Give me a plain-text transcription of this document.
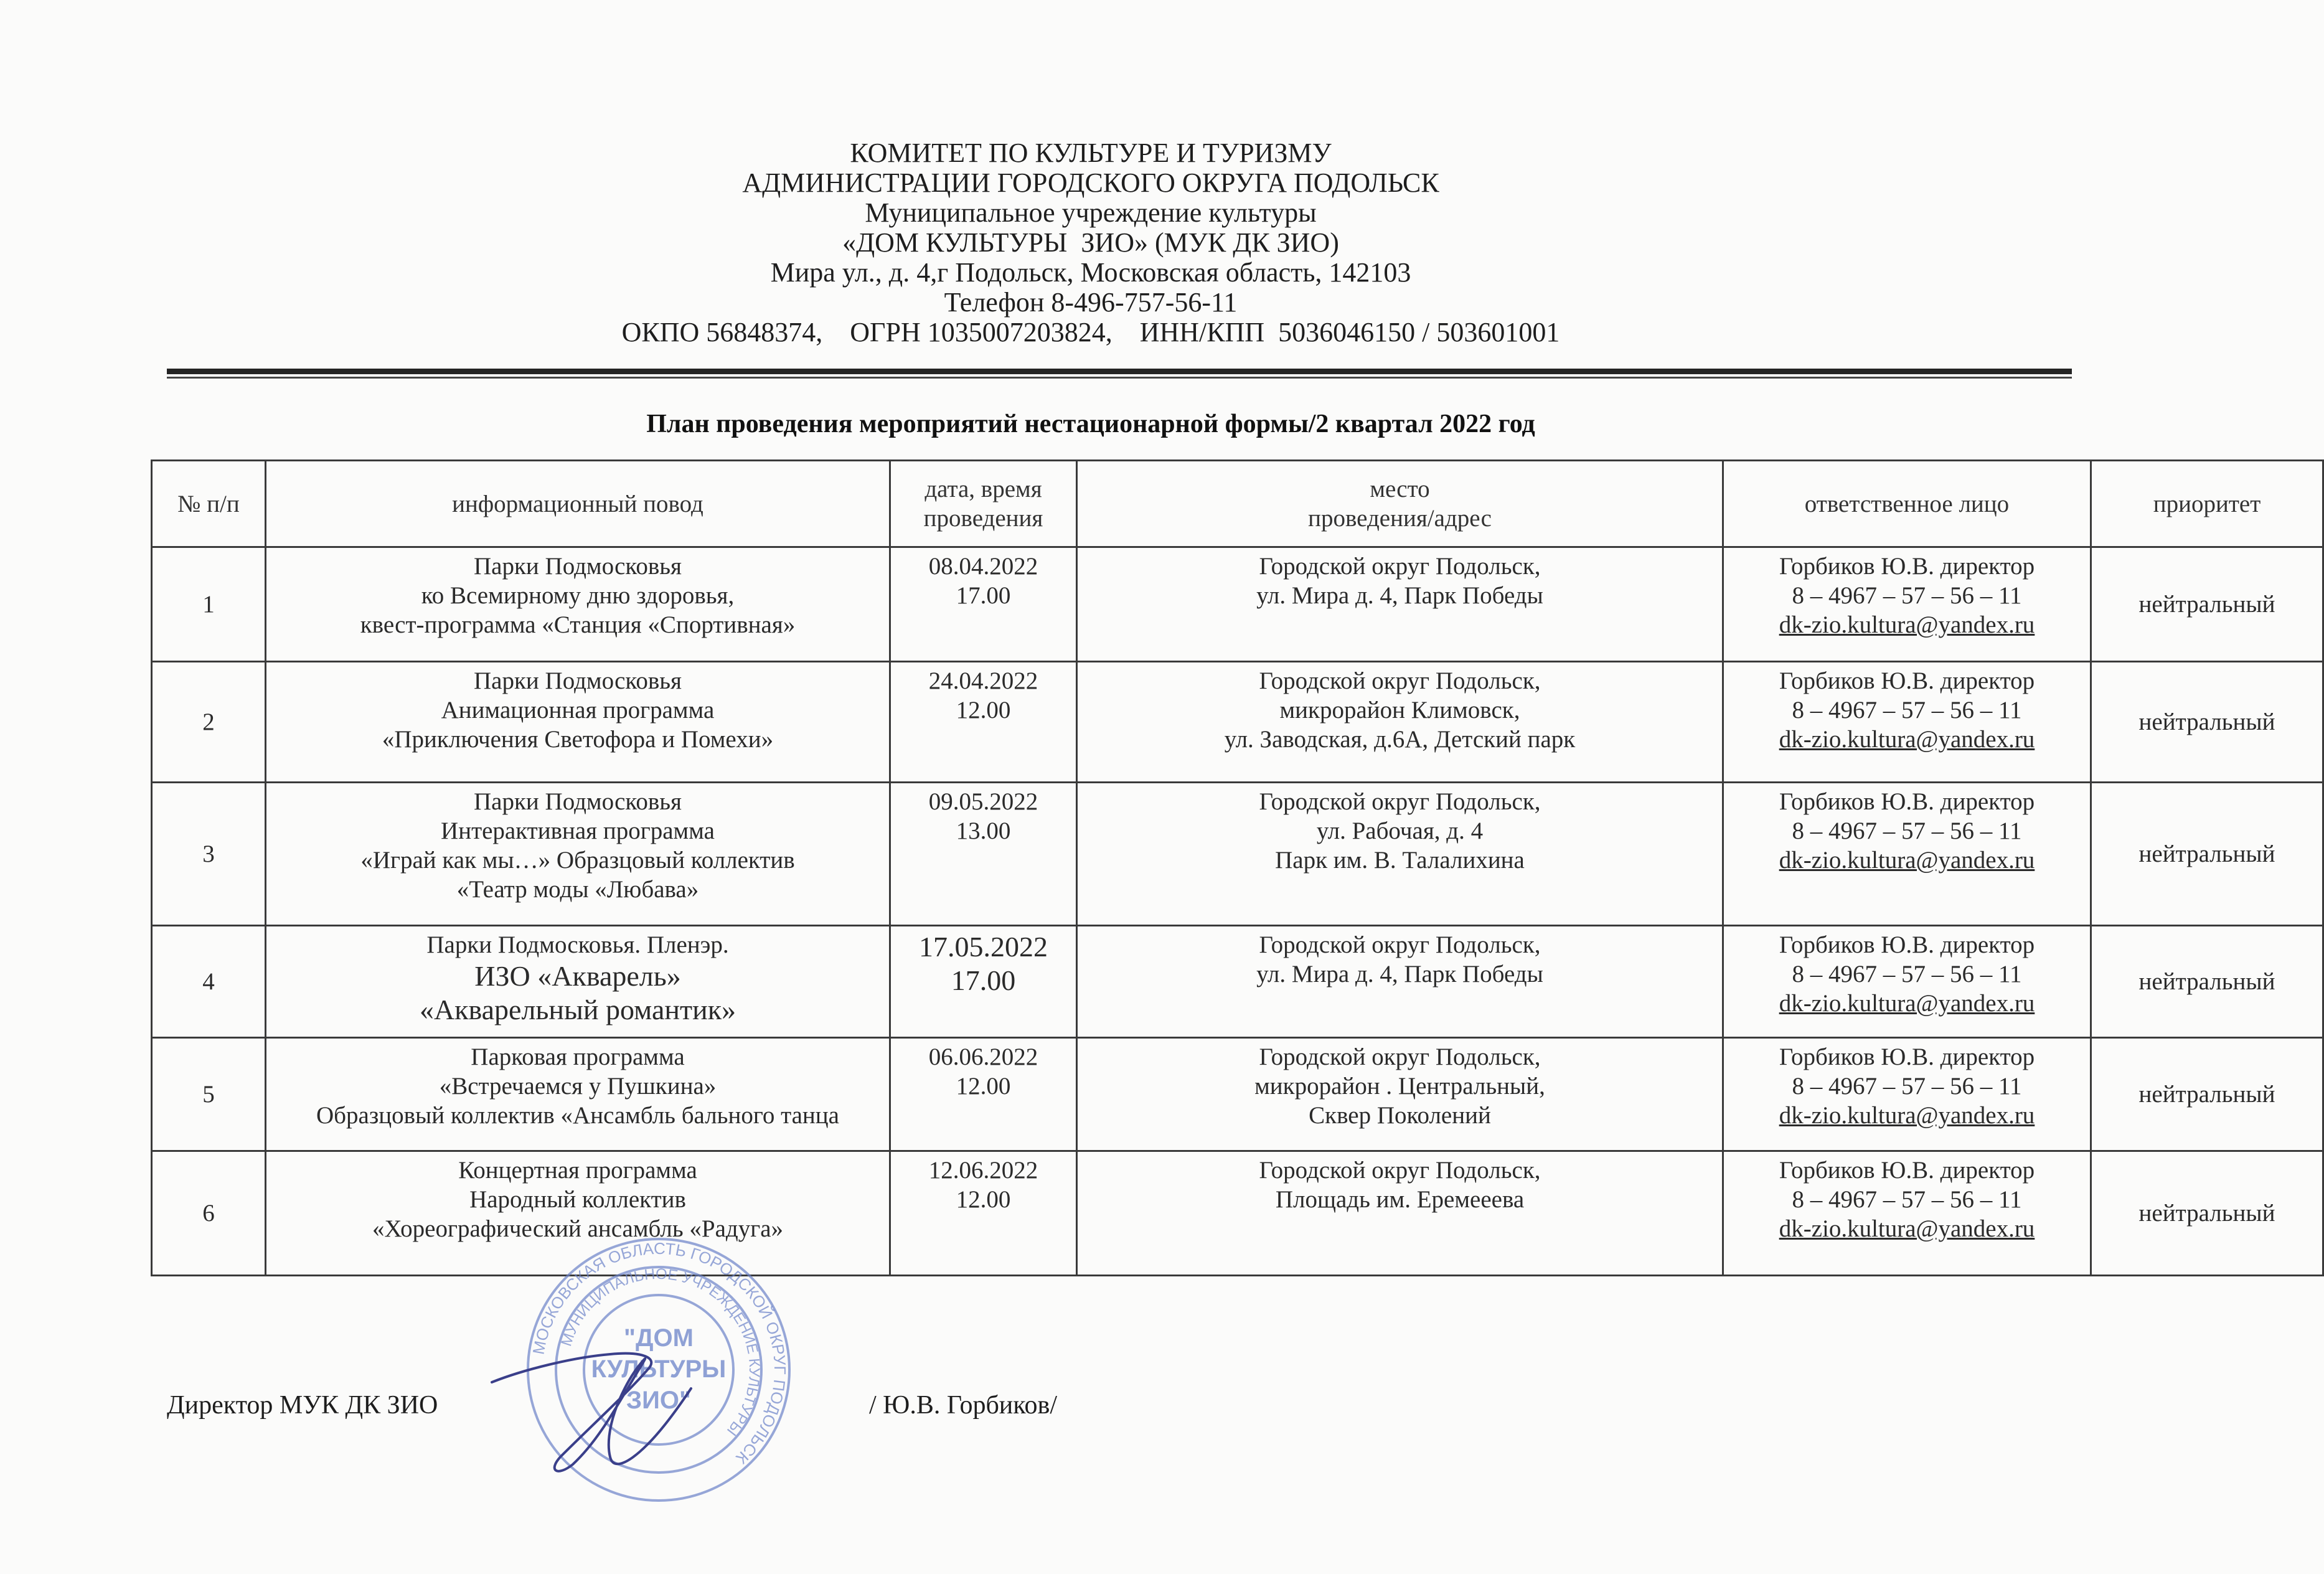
КОМИТЕТ ПО КУЛЬТУРЕ И ТУРИЗМУ
АДМИНИСТРАЦИИ ГОРОДСКОГО ОКРУГА ПОДОЛЬСК
Муниципальное учреждение культуры
«ДОМ КУЛЬТУРЫ  ЗИО» (МУК ДК ЗИО)
Мира ул., д. 4,г Подольск, Московская область, 142103
Телефон 8-496-757-56-11
ОКПО 56848374,    ОГРН 1035007203824,    ИНН/КПП  5036046150 / 503601001
План проведения мероприятий нестационарной формы/2 квартал 2022 год
№ п/п	информационный повод	дата, время
проведения	место
проведения/адрес	ответственное лицо	приоритет
1	Парки Подмосковья
ко Всемирному дню здоровья,
квест-программа «Станция «Спортивная»	08.04.2022
17.00	Городской округ Подольск,
ул. Мира д. 4, Парк Победы	Горбиков Ю.В. директор
8 – 4967 – 57 – 56 – 11
dk-zio.kultura@yandex.ru	нейтральный
2	Парки Подмосковья
Анимационная программа
«Приключения Светофора и Помехи»	24.04.2022
12.00	Городской округ Подольск,
микрорайон Климовск,
ул. Заводская, д.6А, Детский парк	Горбиков Ю.В. директор
8 – 4967 – 57 – 56 – 11
dk-zio.kultura@yandex.ru	нейтральный
3	Парки Подмосковья
Интерактивная программа
«Играй как мы…» Образцовый коллектив
«Театр моды «Любава»	09.05.2022
13.00	Городской округ Подольск,
ул. Рабочая, д. 4
Парк им. В. Талалихина	Горбиков Ю.В. директор
8 – 4967 – 57 – 56 – 11
dk-zio.kultura@yandex.ru	нейтральный
4	Парки Подмосковья. Пленэр.
ИЗО «Акварель»
«Акварельный романтик»	17.05.2022
17.00	Городской округ Подольск,
ул. Мира д. 4, Парк Победы	Горбиков Ю.В. директор
8 – 4967 – 57 – 56 – 11
dk-zio.kultura@yandex.ru	нейтральный
5	Парковая программа
«Встречаемся у Пушкина»
Образцовый коллектив «Ансамбль бального танца	06.06.2022
12.00	Городской округ Подольск,
микрорайон . Центральный,
Сквер Поколений	Горбиков Ю.В. директор
8 – 4967 – 57 – 56 – 11
dk-zio.kultura@yandex.ru	нейтральный
6	Концертная программа
Народный коллектив
«Хореографический ансамбль «Радуга»	12.06.2022
12.00	Городской округ Подольск,
Площадь им. Еремееева	Горбиков Ю.В. директор
8 – 4967 – 57 – 56 – 11
dk-zio.kultura@yandex.ru	нейтральный
Директор МУК ДК ЗИО	/ Ю.В. Горбиков/
МОСКОВСКАЯ ОБЛАСТЬ ГОРОДСКОЙ ОКРУГ ПОДОЛЬСК
МУНИЦИПАЛЬНОЕ УЧРЕЖДЕНИЕ КУЛЬТУРЫ
"ДОМ
КУЛЬТУРЫ
ЗИО"
